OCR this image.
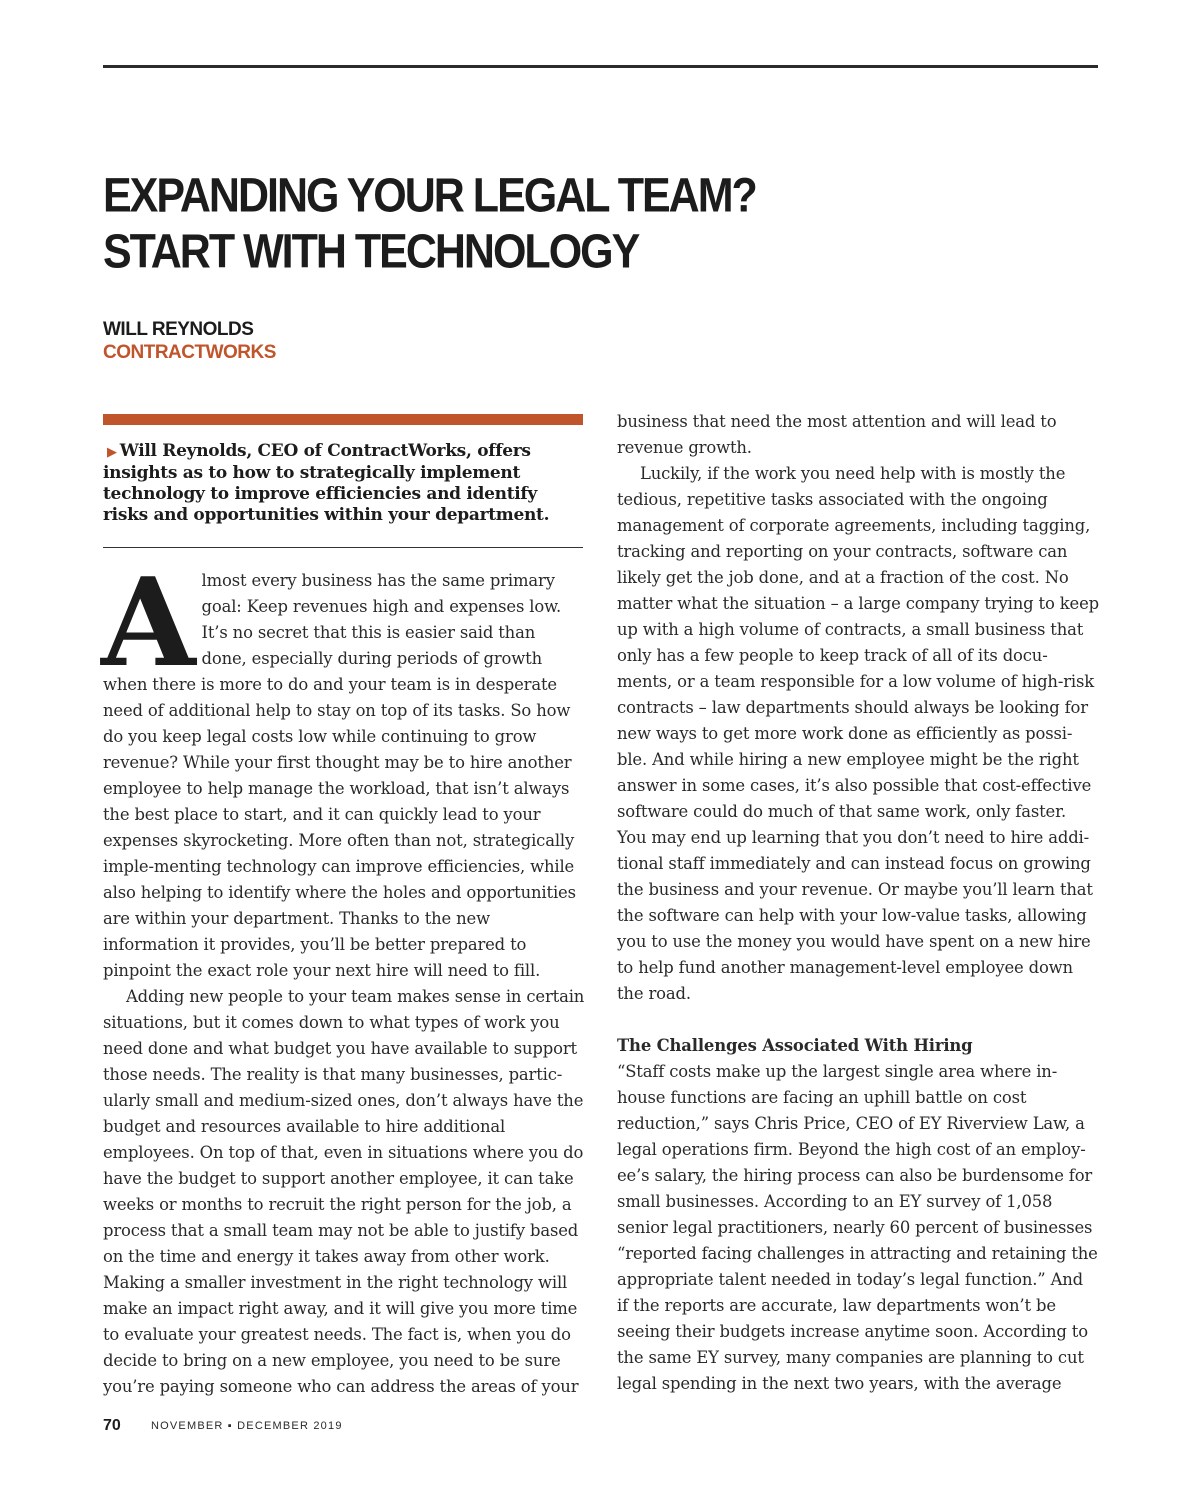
EXPANDING YOUR LEGAL TEAM?
START WITH TECHNOLOGY
WILL REYNOLDS
CONTRACTWORKS
▶ Will Reynolds, CEO of ContractWorks, offers insights as to how to strategically implement technology to improve efficiencies and identify risks and opportunities within your department.

Almost every business has the same primary goal: Keep revenues high and expenses low. It’s no secret that this is easier said than done, especially during periods of growth when there is more to do and your team is in desperate need of additional help to stay on top of its tasks. So how do you keep legal costs low while continuing to grow revenue? While your first thought may be to hire another employee to help manage the workload, that isn’t always the best place to start, and it can quickly lead to your expenses skyrocketing. More often than not, strategically imple-menting technology can improve efficiencies, while also helping to identify where the holes and opportunities are within your department. Thanks to the new information it provides, you’ll be better prepared to pinpoint the exact role your next hire will need to fill.

Adding new people to your team makes sense in certain situations, but it comes down to what types of work you need done and what budget you have available to support those needs. The reality is that many businesses, partic-ularly small and medium-sized ones, don’t always have the budget and resources available to hire additional employees. On top of that, even in situations where you do have the budget to support another employee, it can take weeks or months to recruit the right person for the job, a process that a small team may not be able to justify based on the time and energy it takes away from other work. Making a smaller investment in the right technology will make an impact right away, and it will give you more time to evaluate your greatest needs. The fact is, when you do decide to bring on a new employee, you need to be sure you’re paying someone who can address the areas of your

business that need the most attention and will lead to revenue growth.

Luckily, if the work you need help with is mostly the tedious, repetitive tasks associated with the ongoing management of corporate agreements, including tagging, tracking and reporting on your contracts, software can likely get the job done, and at a fraction of the cost. No matter what the situation – a large company trying to keep up with a high volume of contracts, a small business that only has a few people to keep track of all of its docu-ments, or a team responsible for a low volume of high-risk contracts – law departments should always be looking for new ways to get more work done as efficiently as possi-ble. And while hiring a new employee might be the right answer in some cases, it’s also possible that cost-effective software could do much of that same work, only faster. You may end up learning that you don’t need to hire addi-tional staff immediately and can instead focus on growing the business and your revenue. Or maybe you’ll learn that the software can help with your low-value tasks, allowing you to use the money you would have spent on a new hire to help fund another management-level employee down the road.

The Challenges Associated With Hiring

“Staff costs make up the largest single area where in-house functions are facing an uphill battle on cost reduction,” says Chris Price, CEO of EY Riverview Law, a legal operations firm. Beyond the high cost of an employ-ee’s salary, the hiring process can also be burdensome for small businesses. According to an EY survey of 1,058 senior legal practitioners, nearly 60 percent of businesses “reported facing challenges in attracting and retaining the appropriate talent needed in today’s legal function.” And if the reports are accurate, law departments won’t be seeing their budgets increase anytime soon. According to the same EY survey, many companies are planning to cut legal spending in the next two years, with the average

70	NOVEMBER ▪ DECEMBER 2019
